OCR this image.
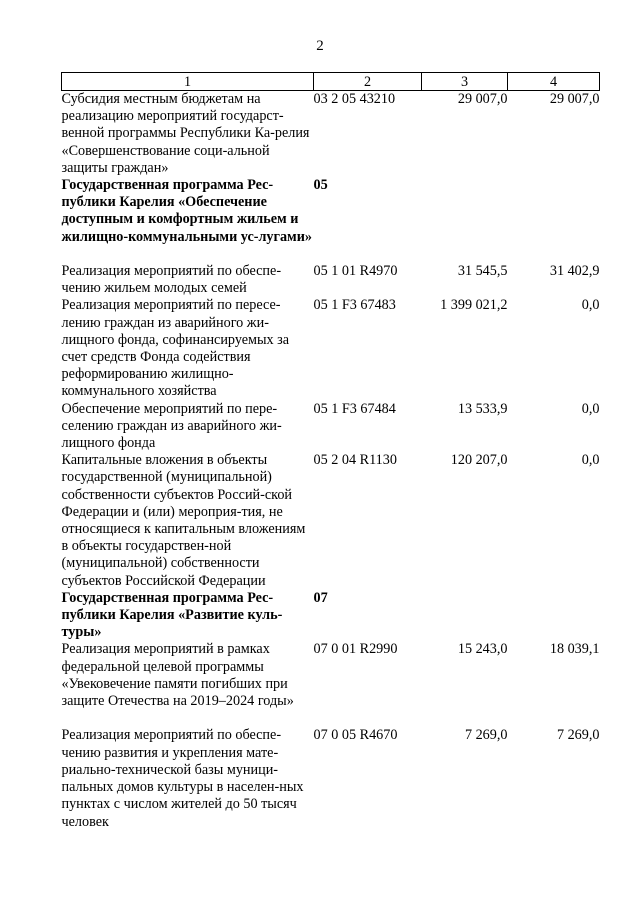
2
1	2	3	4
Субсидия местным бюджетам на реализацию мероприятий государст-венной программы Республики Ка-релия «Совершенствование соци-альной защиты граждан»	03 2 05 43210	29 007,0	29 007,0
Государственная программа Рес-публики Карелия «Обеспечение доступным и комфортным жильем и жилищно-коммунальными ус-лугами»	05		
Реализация мероприятий по обеспе-чению жильем молодых семей	05 1 01 R4970	31 545,5	31 402,9
Реализация мероприятий по пересе-лению граждан из аварийного жи-лищного фонда, софинансируемых за счет средств Фонда содействия реформированию жилищно-коммунального хозяйства	05 1 F3 67483	1 399 021,2	0,0
Обеспечение мероприятий по пере-селению граждан из аварийного жи-лищного фонда	05 1 F3 67484	13 533,9	0,0
Капитальные вложения в объекты государственной (муниципальной) собственности субъектов Россий-ской Федерации и (или) мероприя-тия, не относящиеся к капитальным вложениям в объекты государствен-ной (муниципальной) собственности субъектов Российской Федерации	05 2 04 R1130	120 207,0	0,0
Государственная программа Рес-публики Карелия «Развитие куль-туры»	07		
Реализация мероприятий в рамках федеральной целевой программы «Увековечение памяти погибших при защите Отечества на 2019–2024 годы»	07 0 01 R2990	15 243,0	18 039,1
Реализация мероприятий по обеспе-чению развития и укрепления мате-риально-технической базы муници-пальных домов культуры в населен-ных пунктах с числом жителей до 50 тысяч человек	07 0 05 R4670	7 269,0	7 269,0
